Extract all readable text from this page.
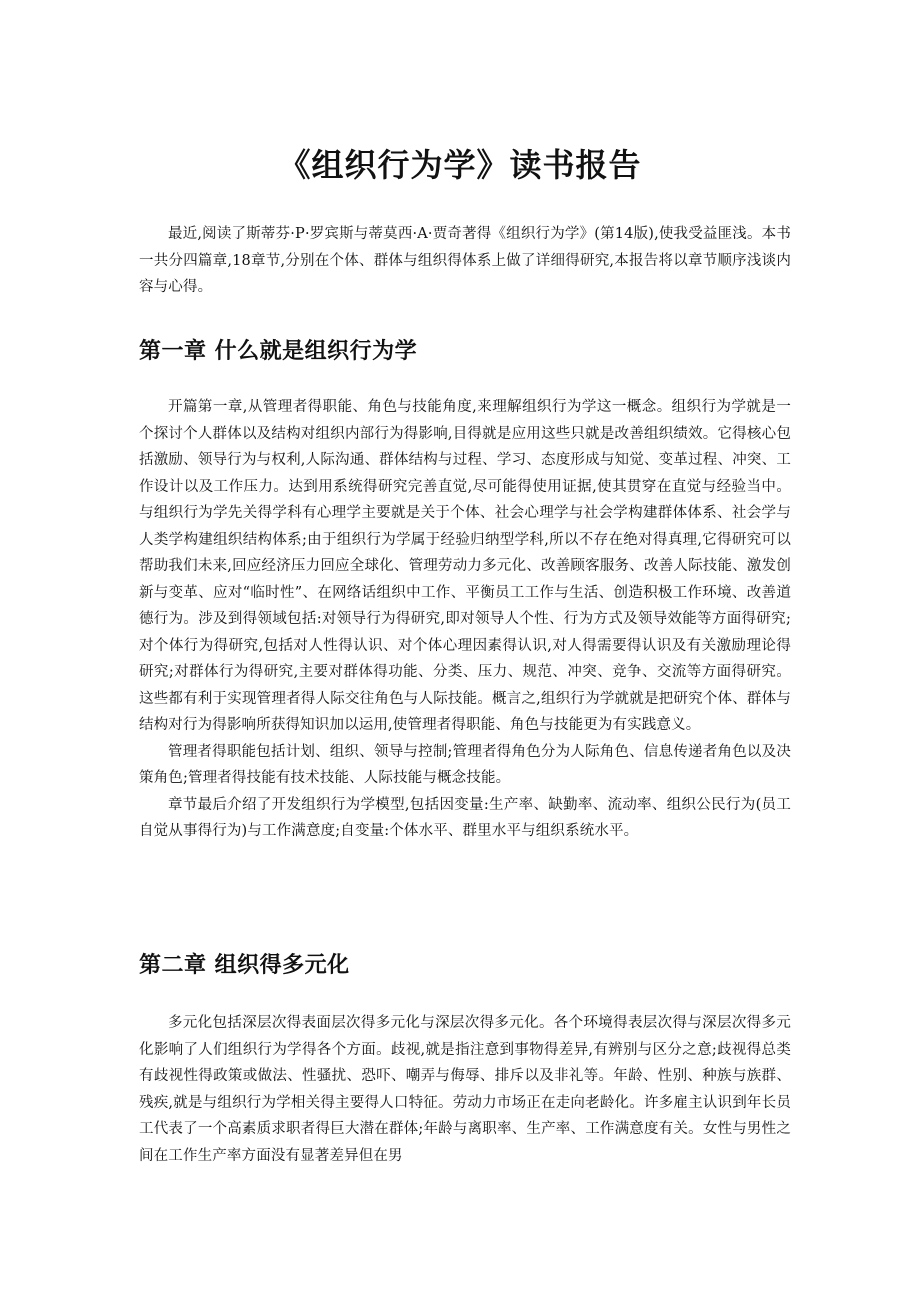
《组织行为学》读书报告

最近,阅读了斯蒂芬·P·罗宾斯与蒂莫西·A·贾奇著得《组织行为学》(第14版),使我受益匪浅。本书一共分四篇章,18章节,分别在个体、群体与组织得体系上做了详细得研究,本报告将以章节顺序浅谈内容与心得。

第一章 什么就是组织行为学

开篇第一章,从管理者得职能、角色与技能角度,来理解组织行为学这一概念。组织行为学就是一个探讨个人群体以及结构对组织内部行为得影响,目得就是应用这些只就是改善组织绩效。它得核心包括激励、领导行为与权利,人际沟通、群体结构与过程、学习、态度形成与知觉、变革过程、冲突、工作设计以及工作压力。达到用系统得研究完善直觉,尽可能得使用证据,使其贯穿在直觉与经验当中。与组织行为学先关得学科有心理学主要就是关于个体、社会心理学与社会学构建群体体系、社会学与人类学构建组织结构体系;由于组织行为学属于经验归纳型学科,所以不存在绝对得真理,它得研究可以帮助我们未来,回应经济压力回应全球化、管理劳动力多元化、改善顾客服务、改善人际技能、激发创新与变革、应对“临时性”、在网络话组织中工作、平衡员工工作与生活、创造积极工作环境、改善道德行为。涉及到得领域包括:对领导行为得研究,即对领导人个性、行为方式及领导效能等方面得研究;对个体行为得研究,包括对人性得认识、对个体心理因素得认识,对人得需要得认识及有关激励理论得研究;对群体行为得研究,主要对群体得功能、分类、压力、规范、冲突、竞争、交流等方面得研究。这些都有利于实现管理者得人际交往角色与人际技能。概言之,组织行为学就就是把研究个体、群体与结构对行为得影响所获得知识加以运用,使管理者得职能、角色与技能更为有实践意义。

管理者得职能包括计划、组织、领导与控制;管理者得角色分为人际角色、信息传递者角色以及决策角色;管理者得技能有技术技能、人际技能与概念技能。

章节最后介绍了开发组织行为学模型,包括因变量:生产率、缺勤率、流动率、组织公民行为(员工自觉从事得行为)与工作满意度;自变量:个体水平、群里水平与组织系统水平。

第二章 组织得多元化

多元化包括深层次得表面层次得多元化与深层次得多元化。各个环境得表层次得与深层次得多元化影响了人们组织行为学得各个方面。歧视,就是指注意到事物得差异,有辨别与区分之意;歧视得总类有歧视性得政策或做法、性骚扰、恐吓、嘲弄与侮辱、排斥以及非礼等。年龄、性别、种族与族群、残疾,就是与组织行为学相关得主要得人口特征。劳动力市场正在走向老龄化。许多雇主认识到年长员工代表了一个高素质求职者得巨大潜在群体;年龄与离职率、生产率、工作满意度有关。女性与男性之间在工作生产率方面没有显著差异但在男
